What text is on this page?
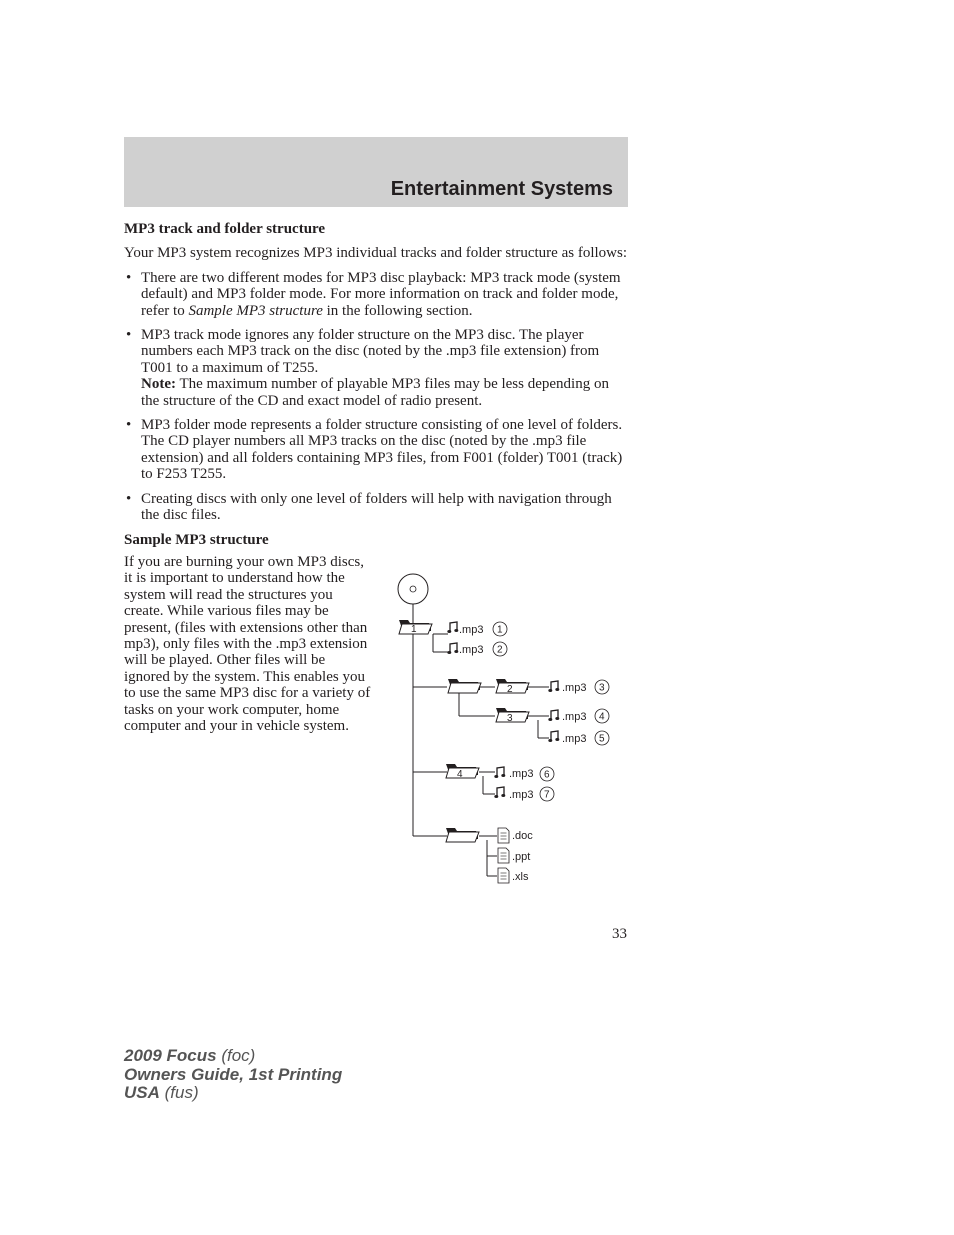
Entertainment Systems
MP3 track and folder structure

Your MP3 system recognizes MP3 individual tracks and folder structure as follows:

• There are two different modes for MP3 disc playback: MP3 track mode (system default) and MP3 folder mode. For more information on track and folder mode, refer to Sample MP3 structure in the following section.
• MP3 track mode ignores any folder structure on the MP3 disc. The player numbers each MP3 track on the disc (noted by the .mp3 file extension) from T001 to a maximum of T255.
Note: The maximum number of playable MP3 files may be less depending on the structure of the CD and exact model of radio present.
• MP3 folder mode represents a folder structure consisting of one level of folders. The CD player numbers all MP3 tracks on the disc (noted by the .mp3 file extension) and all folders containing MP3 files, from F001 (folder) T001 (track) to F253 T255.
• Creating discs with only one level of folders will help with navigation through the disc files.
Sample MP3 structure

If you are burning your own MP3 discs, it is important to understand how the system will read the structures you create. While various files may be present, (files with extensions other than mp3), only files with the .mp3 extension will be played. Other files will be ignored by the system. This enables you to use the same MP3 disc for a variety of tasks on your work computer, home computer and your in vehicle system.

1	.mp3 1
.mp3 2
2	.mp3 3
3	.mp3 4
.mp3 5
4	.mp3 6
.mp3 7
.doc
.ppt
.xls
33
2009 Focus (foc)
Owners Guide, 1st Printing
USA (fus)
